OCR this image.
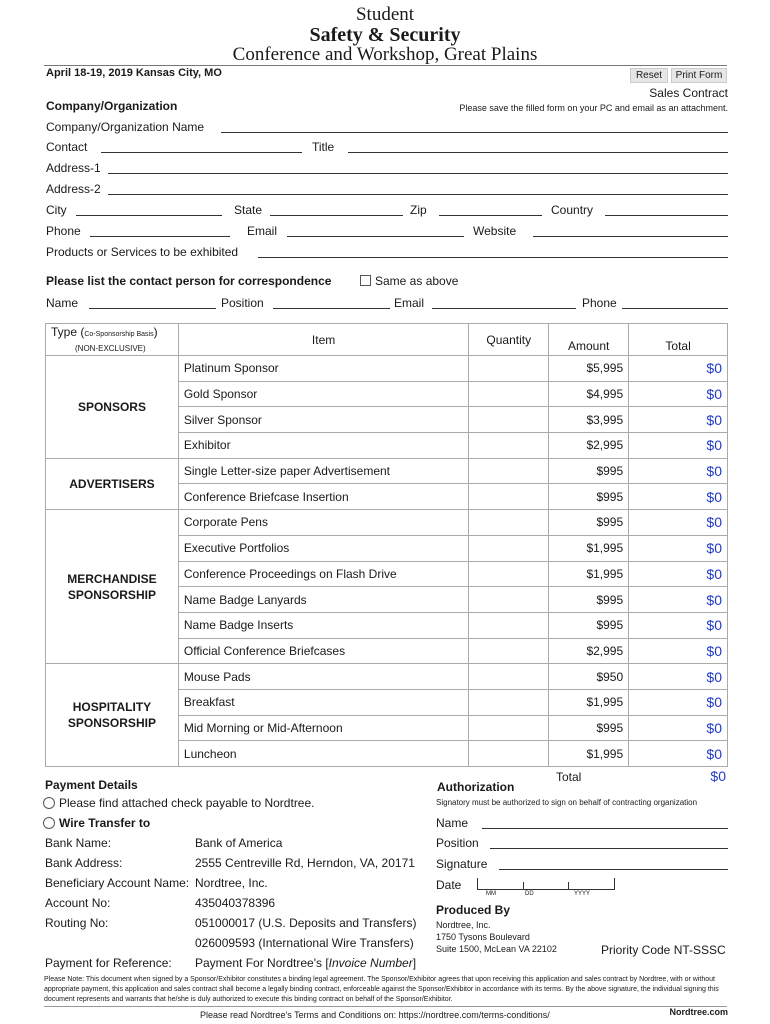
Student
Safety & Security
Conference and Workshop, Great Plains
April 18-19, 2019 Kansas City, MO	Reset	Print Form
Sales Contract
Please save the filled form on your PC and email as an attachment.
Company/Organization
Company/Organization Name
Contact	Title
Address-1
Address-2
City	State	Zip	Country
Phone	Email	Website
Products or Services to be exhibited
Please list the contact person for correspondence	Same as above
Name	Position	Email	Phone
Type (Co-Sponsorship Basis)
(NON-EXCLUSIVE)	Item	Quantity	Amount	Total
SPONSORS	Platinum Sponsor		$5,995	$0
	Gold Sponsor		$4,995	$0
	Silver Sponsor		$3,995	$0
	Exhibitor		$2,995	$0
ADVERTISERS	Single Letter-size paper Advertisement		$995	$0
	Conference Briefcase Insertion		$995	$0
MERCHANDISE SPONSORSHIP	Corporate Pens		$995	$0
	Executive Portfolios		$1,995	$0
	Conference Proceedings on Flash Drive		$1,995	$0
	Name Badge Lanyards		$995	$0
	Name Badge Inserts		$995	$0
	Official Conference Briefcases		$2,995	$0
HOSPITALITY SPONSORSHIP	Mouse Pads		$950	$0
	Breakfast		$1,995	$0
	Mid Morning or Mid-Afternoon		$995	$0
	Luncheon		$1,995	$0
Total	$0
Payment Details
Please find attached check payable to Nordtree.
Wire Transfer to
Bank Name:	Bank of America
Bank Address:	2555 Centreville Rd, Herndon, VA, 20171
Beneficiary Account Name: Nordtree, Inc.
Account No:	435040378396
Routing No:	051000017 (U.S. Deposits and Transfers)
026009593 (International Wire Transfers)
Payment for Reference: Payment For Nordtree's [Invoice Number]
Authorization
Signatory must be authorized to sign on behalf of contracting organization
Name
Position
Signature
Date
MM	DD	YYYY
Produced By
Nordtree, Inc.
1750 Tysons Boulevard
Suite 1500, McLean VA 22102	Priority Code NT-SSSC
Please Note: This document when signed by a Sponsor/Exhibitor constitutes a binding legal agreement. The Sponsor/Exhibitor agrees that upon receiving this application and sales contract by Nordtree, with or without appropriate payment, this application and sales contract shall become a legally binding contract, enforceable against the Sponsor/Exhibitor in accordance with its terms. By the above signature, the individual signing this document represents and warrants that he/she is duly authorized to execute this binding contract on behalf of the Sponsor/Exhibitor.
Please read Nordtree's Terms and Conditions on: https://nordtree.com/terms-conditions/	Nordtree.com
